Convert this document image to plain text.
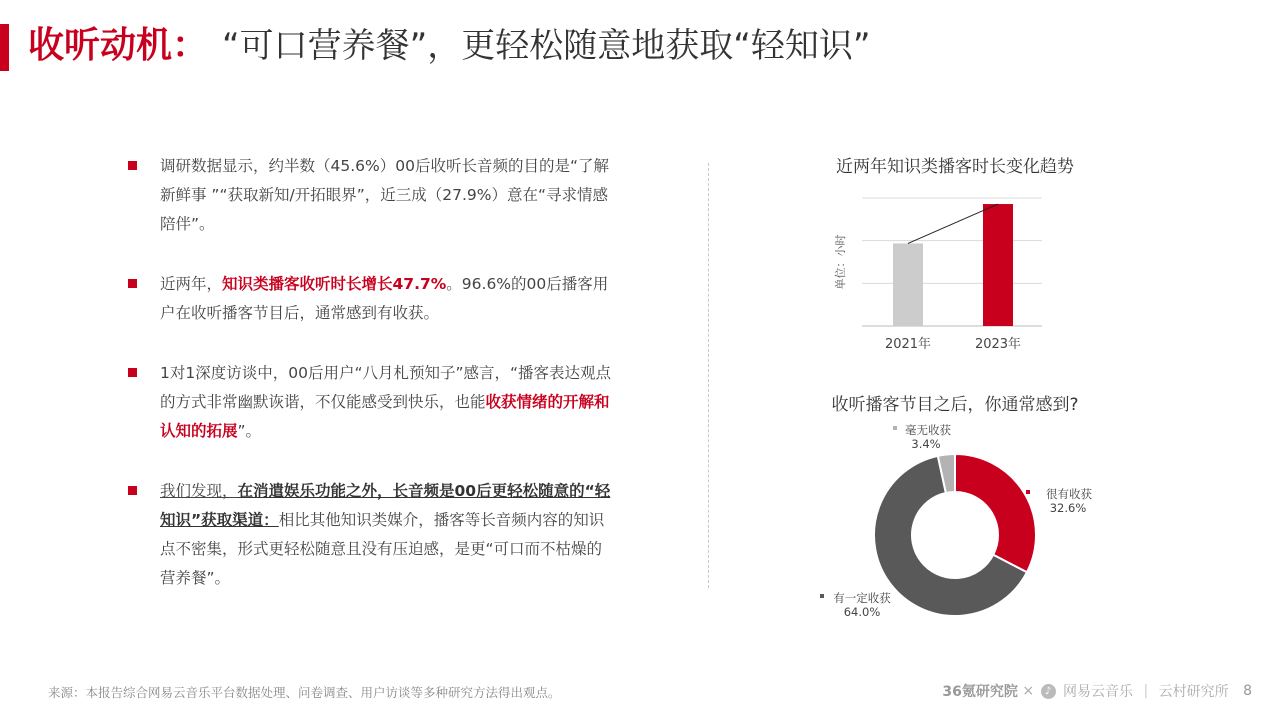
收听动机： “可口营养餐”，更轻松随意地获取“轻知识”
调研数据显示，约半数（45.6%）00后收听长音频的目的是“了解新鲜事 ”“获取新知/开拓眼界”，近三成（27.9%）意在“寻求情感陪伴”。
近两年，知识类播客收听时长增长47.7%。96.6%的00后播客用户在收听播客节目后，通常感到有收获。
1对1深度访谈中，00后用户“八月札预知子”感言，“播客表达观点的方式非常幽默诙谐，不仅能感受到快乐，也能收获情绪的开解和认知的拓展”。
我们发现，在消遣娱乐功能之外，长音频是00后更轻松随意的“轻知识”获取渠道：相比其他知识类媒介，播客等长音频内容的知识点不密集，形式更轻松随意且没有压迫感，是更“可口而不枯燥的营养餐”。
近两年知识类播客时长变化趋势
单位：小时
2021年	2023年
收听播客节目之后，你通常感到?
很有收获
32.6%
有一定收获
64.0%
毫无收获
3.4%
来源：本报告综合网易云音乐平台数据处理、问卷调查、用户访谈等多种研究方法得出观点。	36氪研究院 × ♪ 网易云音乐 | 云村研究所 8
